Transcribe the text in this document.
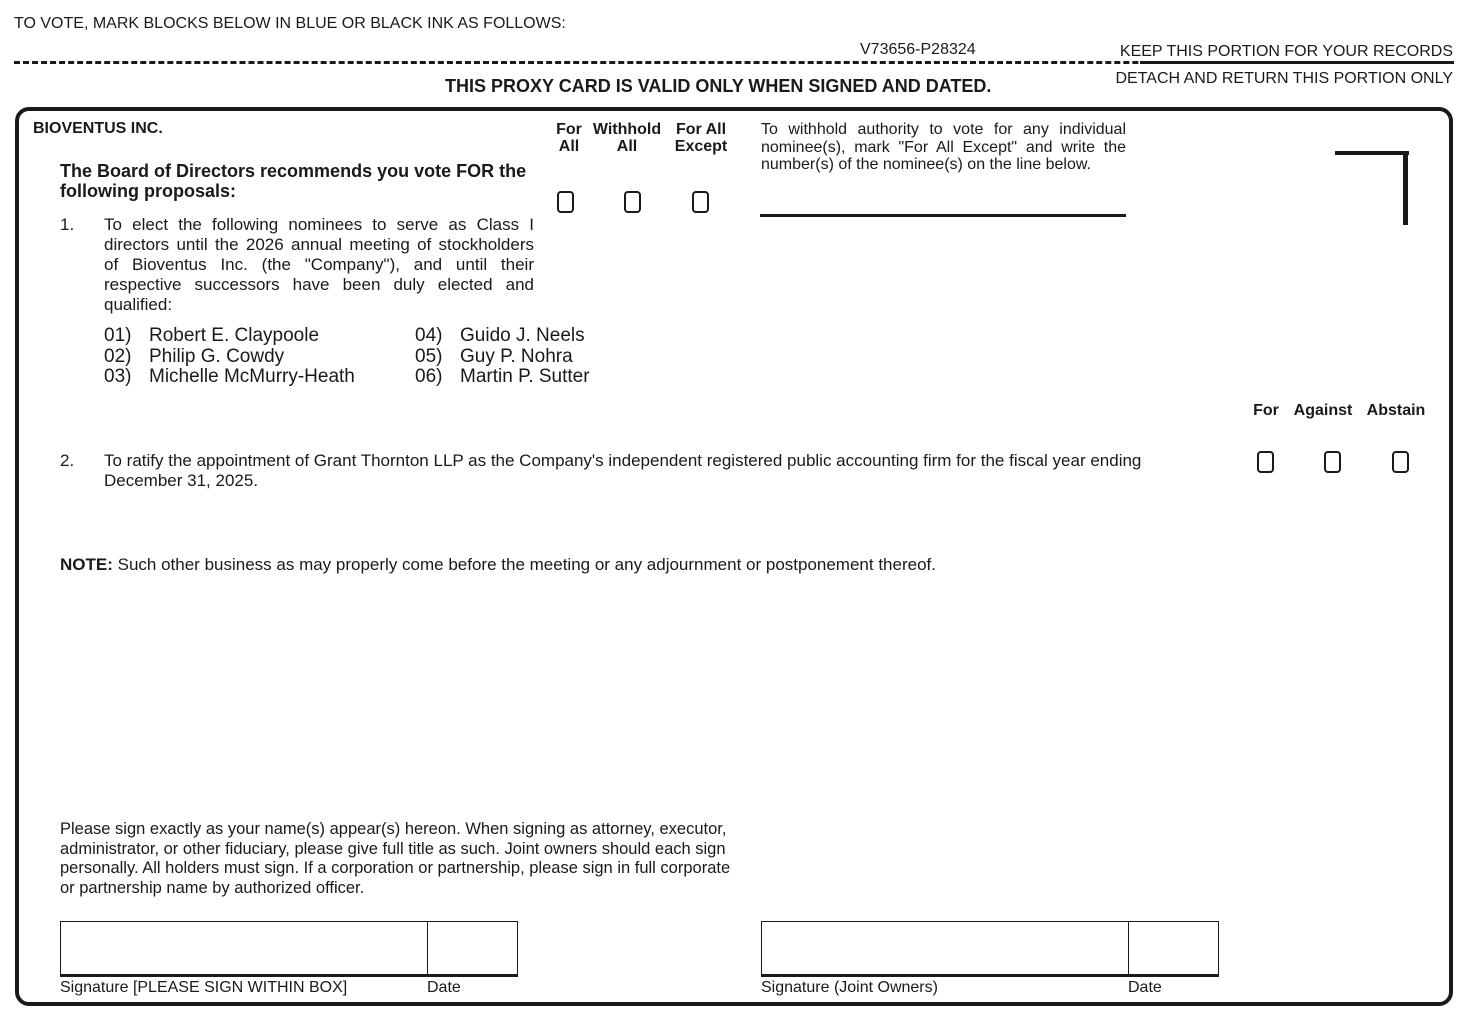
TO VOTE, MARK BLOCKS BELOW IN BLUE OR BLACK INK AS FOLLOWS:
V73656-P28324	KEEP THIS PORTION FOR YOUR RECORDS
DETACH AND RETURN THIS PORTION ONLY
THIS PROXY CARD IS VALID ONLY WHEN SIGNED AND DATED.
BIOVENTUS INC.
The Board of Directors recommends you vote FOR the following proposals:
1. To elect the following nominees to serve as Class I directors until the 2026 annual meeting of stockholders of Bioventus Inc. (the "Company"), and until their respective successors have been duly elected and qualified:
For All
Withhold All
For All Except
To withhold authority to vote for any individual nominee(s), mark "For All Except" and write the number(s) of the nominee(s) on the line below.
01) Robert E. Claypoole
02) Philip G. Cowdy
03) Michelle McMurry-Heath
04) Guido J. Neels
05) Guy P. Nohra
06) Martin P. Sutter
For Against Abstain
2. To ratify the appointment of Grant Thornton LLP as the Company's independent registered public accounting firm for the fiscal year ending December 31, 2025.
NOTE: Such other business as may properly come before the meeting or any adjournment or postponement thereof.
Please sign exactly as your name(s) appear(s) hereon. When signing as attorney, executor, administrator, or other fiduciary, please give full title as such. Joint owners should each sign personally. All holders must sign. If a corporation or partnership, please sign in full corporate or partnership name by authorized officer.
Signature [PLEASE SIGN WITHIN BOX]	Date	Signature (Joint Owners)	Date
